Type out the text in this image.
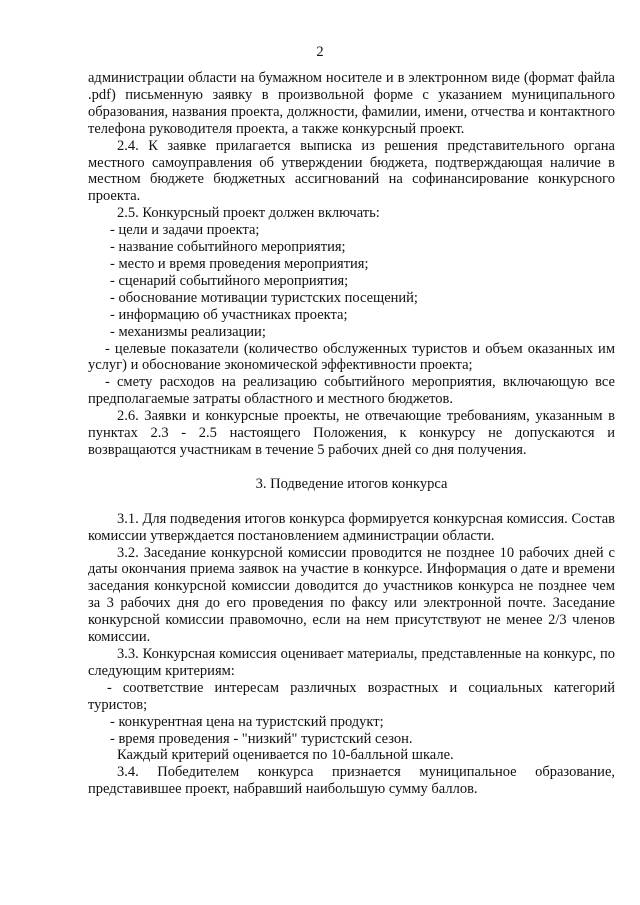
2

администрации области на бумажном носителе и в электронном виде (формат файла .pdf) письменную заявку в произвольной форме с указанием муниципального образования, названия проекта, должности, фамилии, имени, отчества и контактного телефона руководителя проекта, а также конкурсный проект.

2.4. К заявке прилагается выписка из решения представительного органа местного самоуправления об утверждении бюджета, подтверждающая наличие в местном бюджете бюджетных ассигнований на софинансирование конкурсного проекта.

2.5. Конкурсный проект должен включать:

- цели и задачи проекта;

- название событийного мероприятия;

- место и время проведения мероприятия;

- сценарий событийного мероприятия;

- обоснование мотивации туристских посещений;

- информацию об участниках проекта;

- механизмы реализации;

- целевые показатели (количество обслуженных туристов и объем оказанных им услуг) и обоснование экономической эффективности проекта;

- смету расходов на реализацию событийного мероприятия, включающую все предполагаемые затраты областного и местного бюджетов.

2.6. Заявки и конкурсные проекты, не отвечающие требованиям, указанным в пунктах 2.3 - 2.5 настоящего Положения, к конкурсу не допускаются и возвращаются участникам в течение 5 рабочих дней со дня получения.

3. Подведение итогов конкурса

3.1. Для подведения итогов конкурса формируется конкурсная комиссия. Состав комиссии утверждается постановлением администрации области.

3.2. Заседание конкурсной комиссии проводится не позднее 10 рабочих дней с даты окончания приема заявок на участие в конкурсе. Информация о дате и времени заседания конкурсной комиссии доводится до участников конкурса не позднее чем за 3 рабочих дня до его проведения по факсу или электронной почте. Заседание конкурсной комиссии правомочно, если на нем присутствуют не менее 2/3 членов комиссии.

3.3. Конкурсная комиссия оценивает материалы, представленные на конкурс, по следующим критериям:

- соответствие интересам различных возрастных и социальных категорий туристов;

- конкурентная цена на туристский продукт;

- время проведения - "низкий" туристский сезон.

Каждый критерий оценивается по 10-балльной шкале.

3.4. Победителем конкурса признается муниципальное образование, представившее проект, набравший наибольшую сумму баллов.
